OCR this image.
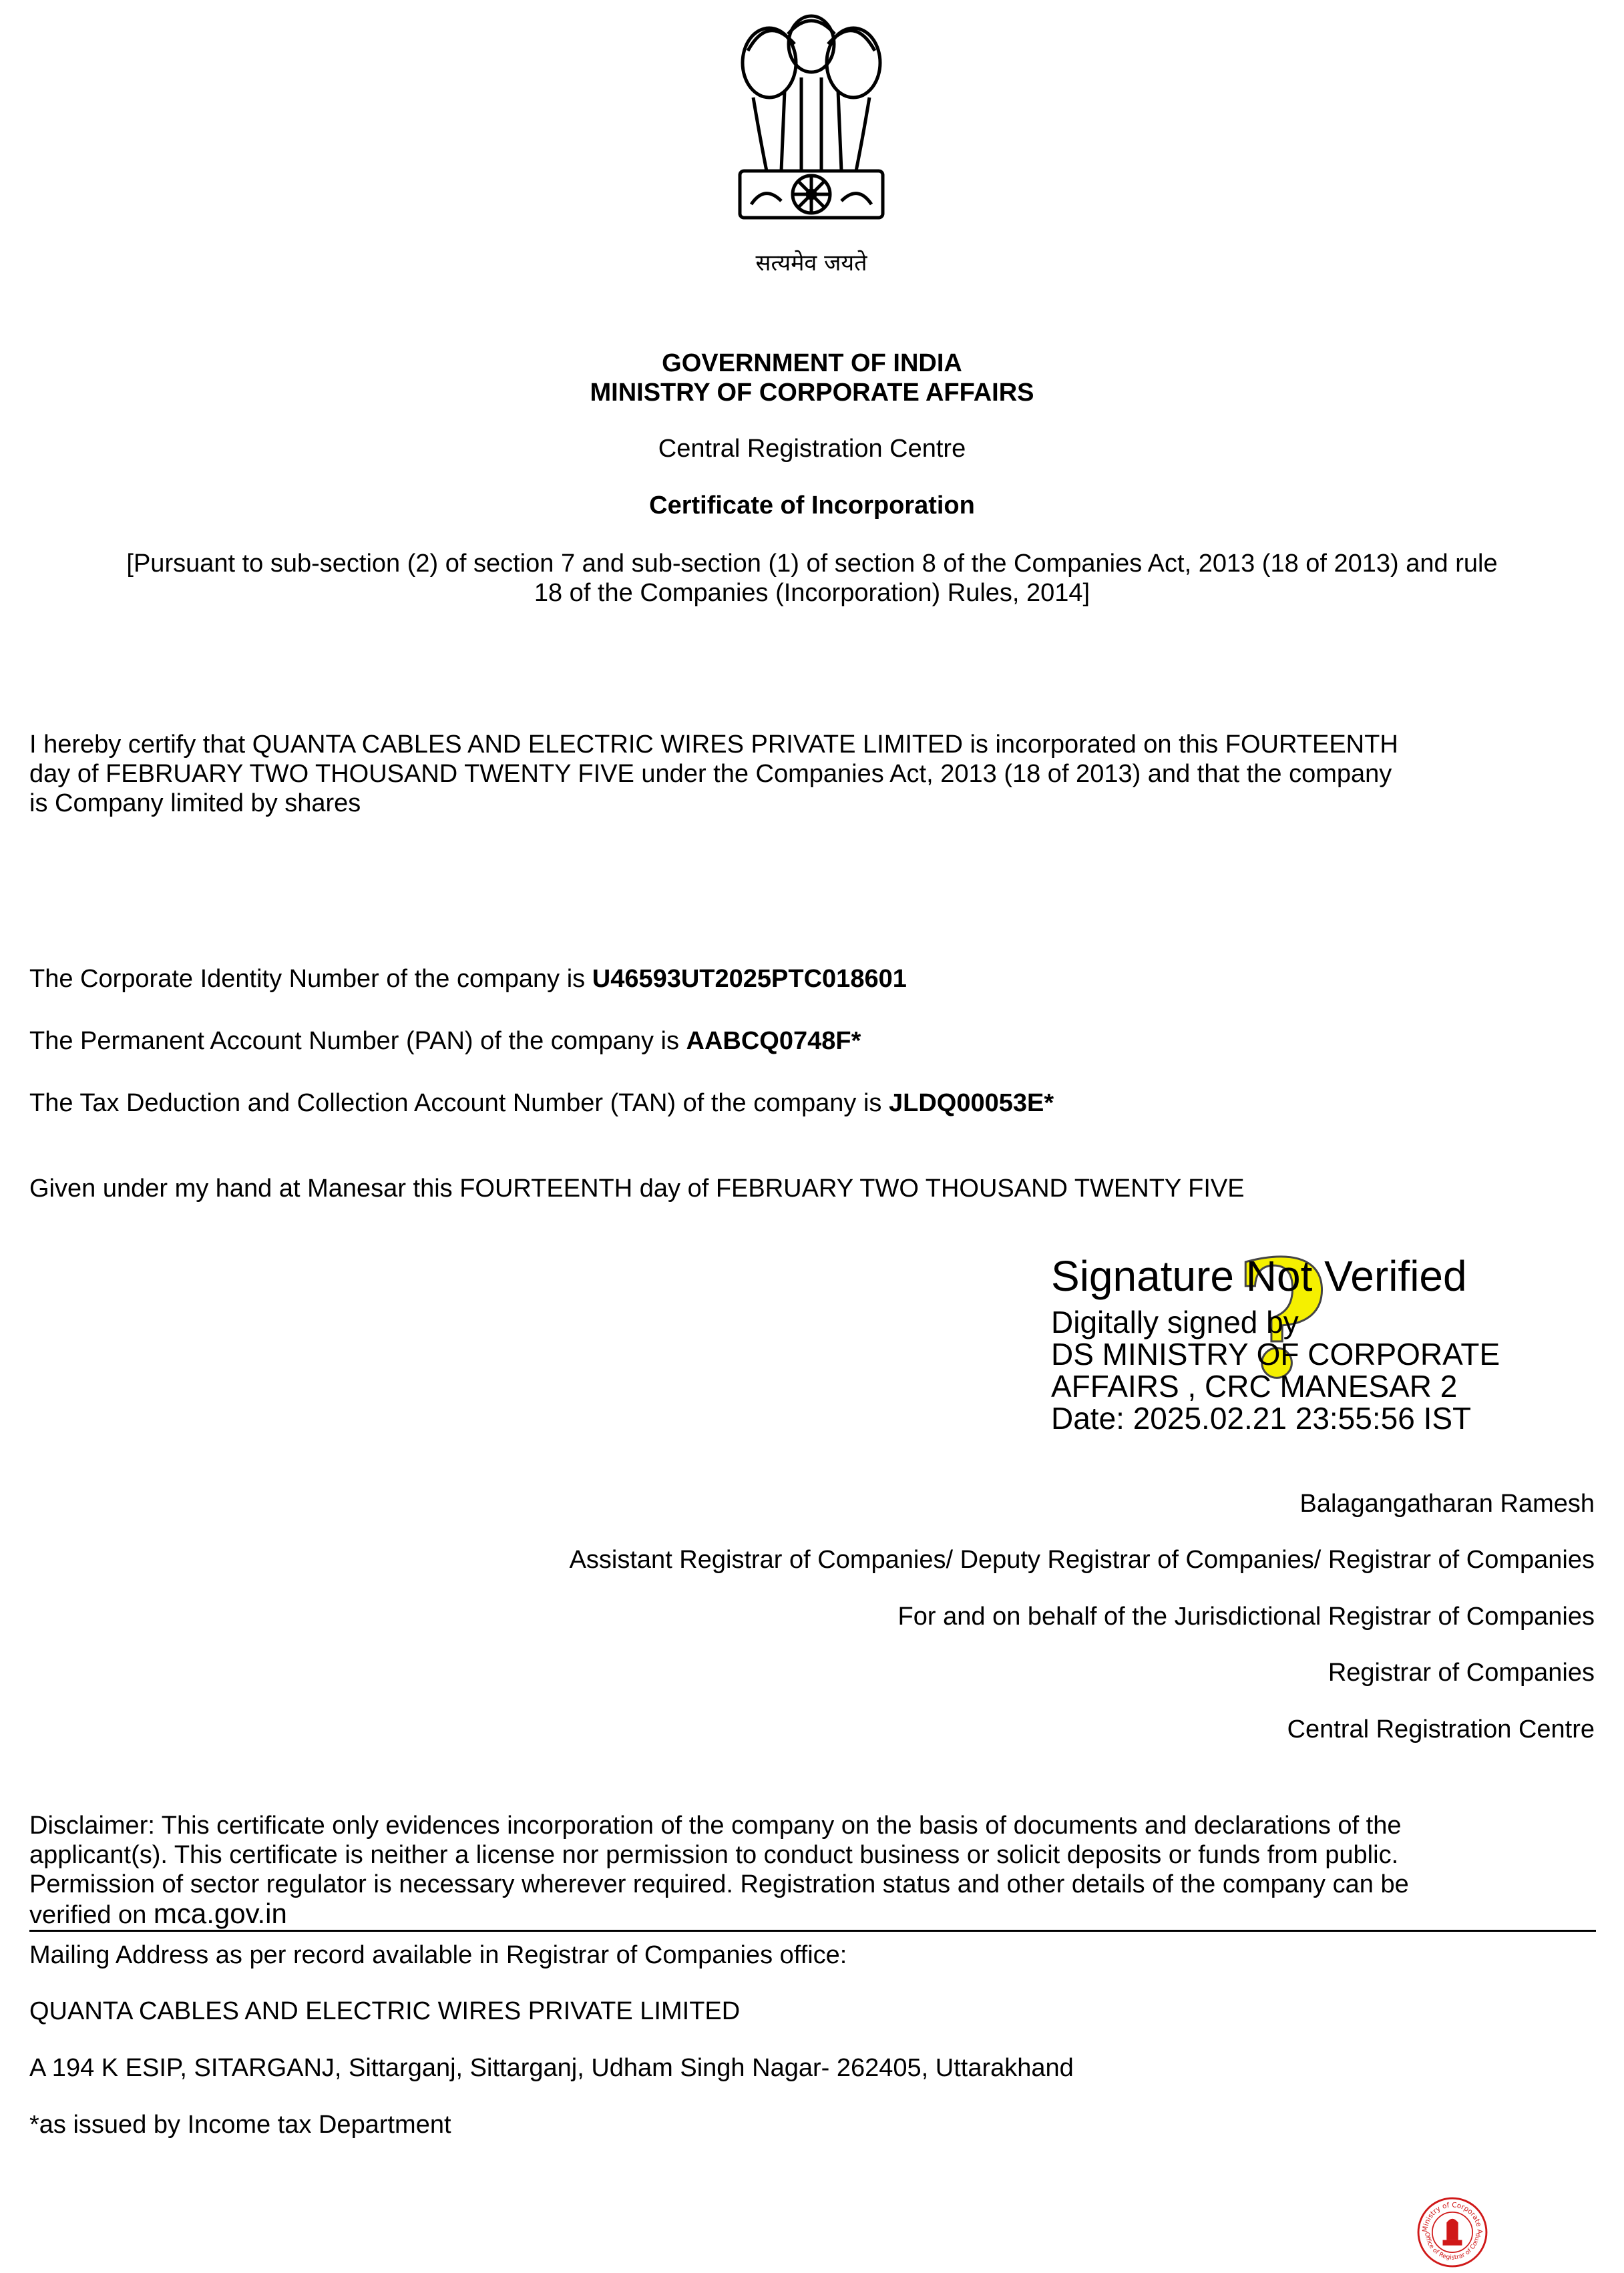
सत्यमेव जयते
GOVERNMENT OF INDIA
MINISTRY OF CORPORATE AFFAIRS
Central Registration Centre
Certificate of Incorporation
[Pursuant to sub-section (2) of section 7 and sub-section (1) of section 8 of the Companies Act, 2013 (18 of 2013) and rule
18 of the Companies (Incorporation) Rules, 2014]
I hereby certify that QUANTA CABLES AND ELECTRIC WIRES PRIVATE LIMITED is incorporated on this FOURTEENTH
day of FEBRUARY TWO THOUSAND TWENTY FIVE under the Companies Act, 2013 (18 of 2013) and that the company
is Company limited by shares
The Corporate Identity Number of the company is U46593UT2025PTC018601
The Permanent Account Number (PAN) of the company is AABCQ0748F*
The Tax Deduction and Collection Account Number (TAN) of the company is JLDQ00053E*
Given under my hand at Manesar this FOURTEENTH day of FEBRUARY TWO THOUSAND TWENTY FIVE
?
Signature Not Verified
Digitally signed by
DS MINISTRY OF CORPORATE
AFFAIRS , CRC MANESAR 2
Date: 2025.02.21 23:55:56 IST
Balagangatharan Ramesh
Assistant Registrar of Companies/ Deputy Registrar of Companies/ Registrar of Companies
For and on behalf of the Jurisdictional Registrar of Companies
Registrar of Companies
Central Registration Centre
Disclaimer: This certificate only evidences incorporation of the company on the basis of documents and declarations of the
applicant(s). This certificate is neither a license nor permission to conduct business or solicit deposits or funds from public.
Permission of sector regulator is necessary wherever required. Registration status and other details of the company can be
verified on mca.gov.in
Mailing Address as per record available in Registrar of Companies office:
QUANTA CABLES AND ELECTRIC WIRES PRIVATE LIMITED
A 194 K ESIP, SITARGANJ, Sittarganj, Sittarganj, Udham Singh Nagar- 262405, Uttarakhand
*as issued by Income tax Department
Ministry of Corporate A
Office of Registrar of Comp
